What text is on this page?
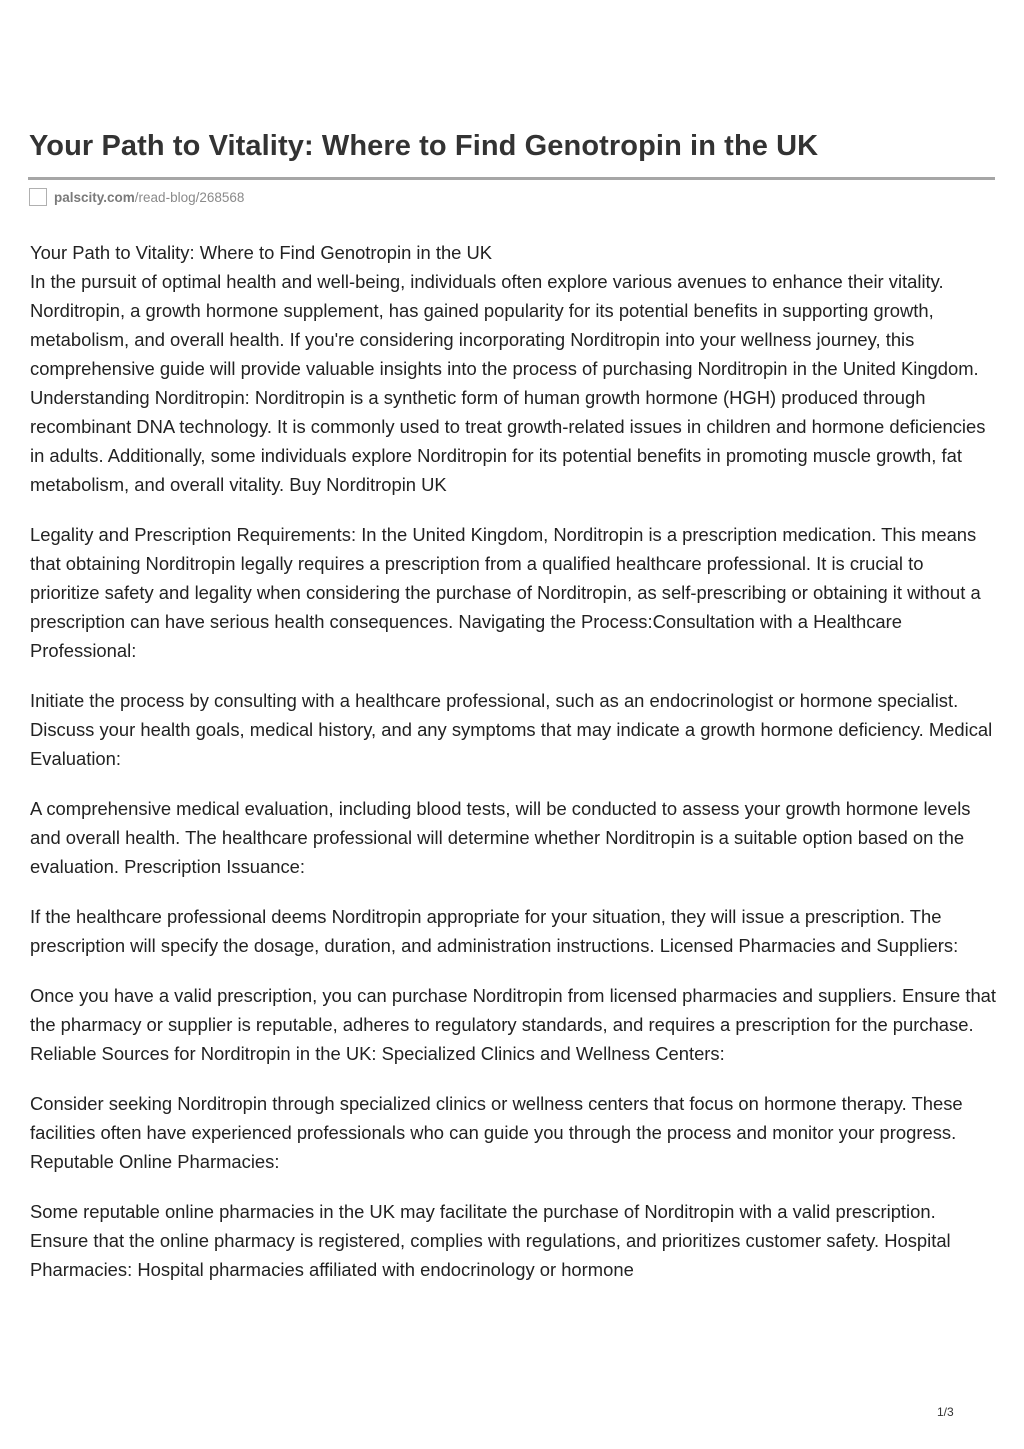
Your Path to Vitality: Where to Find Genotropin in the UK
palscity.com/read-blog/268568

Your Path to Vitality: Where to Find Genotropin in the UK
In the pursuit of optimal health and well-being, individuals often explore various avenues to enhance their vitality. Norditropin, a growth hormone supplement, has gained popularity for its potential benefits in supporting growth, metabolism, and overall health. If you're considering incorporating Norditropin into your wellness journey, this comprehensive guide will provide valuable insights into the process of purchasing Norditropin in the United Kingdom. Understanding Norditropin: Norditropin is a synthetic form of human growth hormone (HGH) produced through recombinant DNA technology. It is commonly used to treat growth-related issues in children and hormone deficiencies in adults. Additionally, some individuals explore Norditropin for its potential benefits in promoting muscle growth, fat metabolism, and overall vitality. Buy Norditropin UK

Legality and Prescription Requirements: In the United Kingdom, Norditropin is a prescription medication. This means that obtaining Norditropin legally requires a prescription from a qualified healthcare professional. It is crucial to prioritize safety and legality when considering the purchase of Norditropin, as self-prescribing or obtaining it without a prescription can have serious health consequences. Navigating the Process:Consultation with a Healthcare Professional:

Initiate the process by consulting with a healthcare professional, such as an endocrinologist or hormone specialist. Discuss your health goals, medical history, and any symptoms that may indicate a growth hormone deficiency. Medical Evaluation:

A comprehensive medical evaluation, including blood tests, will be conducted to assess your growth hormone levels and overall health. The healthcare professional will determine whether Norditropin is a suitable option based on the evaluation. Prescription Issuance:

If the healthcare professional deems Norditropin appropriate for your situation, they will issue a prescription. The prescription will specify the dosage, duration, and administration instructions. Licensed Pharmacies and Suppliers:

Once you have a valid prescription, you can purchase Norditropin from licensed pharmacies and suppliers. Ensure that the pharmacy or supplier is reputable, adheres to regulatory standards, and requires a prescription for the purchase. Reliable Sources for Norditropin in the UK: Specialized Clinics and Wellness Centers:

Consider seeking Norditropin through specialized clinics or wellness centers that focus on hormone therapy. These facilities often have experienced professionals who can guide you through the process and monitor your progress. Reputable Online Pharmacies:

Some reputable online pharmacies in the UK may facilitate the purchase of Norditropin with a valid prescription. Ensure that the online pharmacy is registered, complies with regulations, and prioritizes customer safety. Hospital Pharmacies: Hospital pharmacies affiliated with endocrinology or hormone

1/3
